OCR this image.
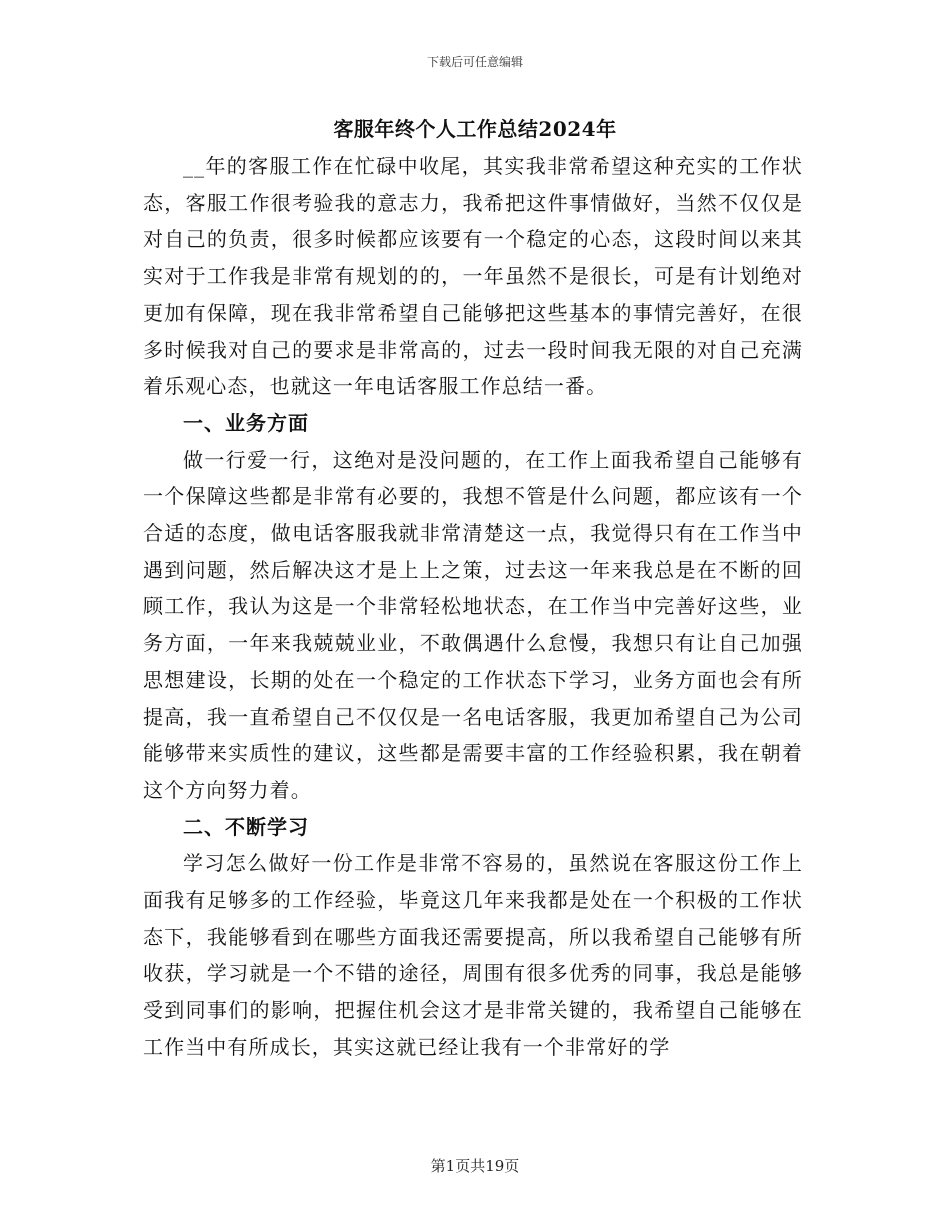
下载后可任意编辑
客服年终个人工作总结2024年

__年的客服工作在忙碌中收尾，其实我非常希望这种充实的工作状态，客服工作很考验我的意志力，我希把这件事情做好，当然不仅仅是对自己的负责，很多时候都应该要有一个稳定的心态，这段时间以来其实对于工作我是非常有规划的的，一年虽然不是很长，可是有计划绝对更加有保障，现在我非常希望自己能够把这些基本的事情完善好，在很多时候我对自己的要求是非常高的，过去一段时间我无限的对自己充满着乐观心态，也就这一年电话客服工作总结一番。

一、业务方面

做一行爱一行，这绝对是没问题的，在工作上面我希望自己能够有一个保障这些都是非常有必要的，我想不管是什么问题，都应该有一个合适的态度，做电话客服我就非常清楚这一点，我觉得只有在工作当中遇到问题，然后解决这才是上上之策，过去这一年来我总是在不断的回顾工作，我认为这是一个非常轻松地状态，在工作当中完善好这些，业务方面，一年来我兢兢业业，不敢偶遇什么怠慢，我想只有让自己加强思想建设，长期的处在一个稳定的工作状态下学习，业务方面也会有所提高，我一直希望自己不仅仅是一名电话客服，我更加希望自己为公司能够带来实质性的建议，这些都是需要丰富的工作经验积累，我在朝着这个方向努力着。

二、不断学习

学习怎么做好一份工作是非常不容易的，虽然说在客服这份工作上面我有足够多的工作经验，毕竟这几年来我都是处在一个积极的工作状态下，我能够看到在哪些方面我还需要提高，所以我希望自己能够有所收获，学习就是一个不错的途径，周围有很多优秀的同事，我总是能够受到同事们的影响，把握住机会这才是非常关键的，我希望自己能够在工作当中有所成长，其实这就已经让我有一个非常好的学

第1页共19页
